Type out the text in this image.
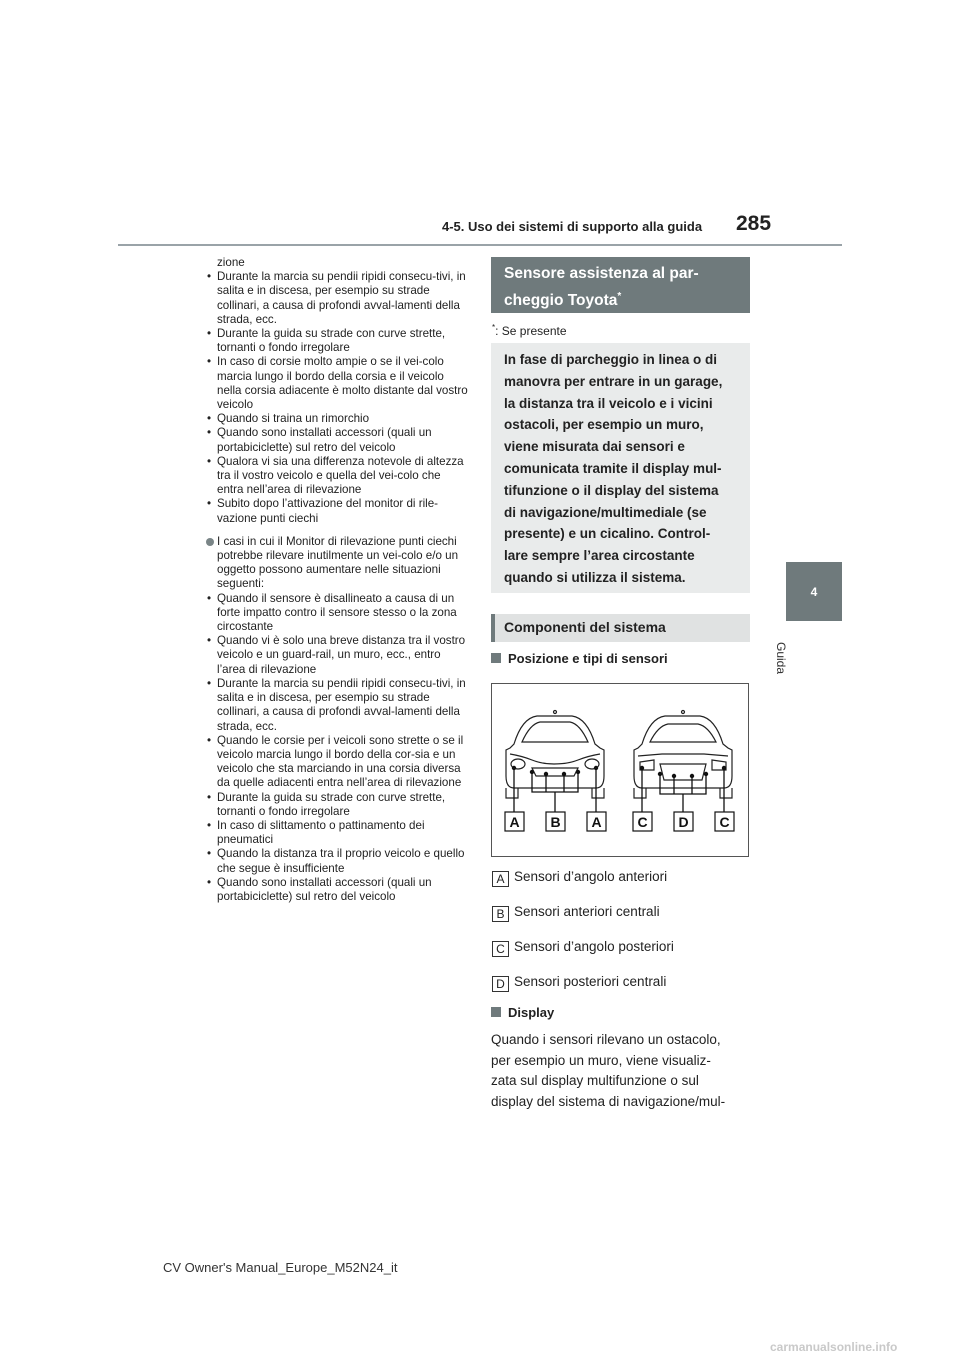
4-5. Uso dei sistemi di supporto alla guida 285
4
Guida
zione
• Durante la marcia su pendii ripidi consecu-tivi, in salita e in discesa, per esempio su strade collinari, a causa di profondi avval-lamenti della strada, ecc.
• Durante la guida su strade con curve strette, tornanti o fondo irregolare
• In caso di corsie molto ampie o se il vei-colo marcia lungo il bordo della corsia e il veicolo nella corsia adiacente è molto distante dal vostro veicolo
• Quando si traina un rimorchio
• Quando sono installati accessori (quali un portabiciclette) sul retro del veicolo
• Qualora vi sia una differenza notevole di altezza tra il vostro veicolo e quella del vei-colo che entra nell’area di rilevazione
• Subito dopo l’attivazione del monitor di rile-vazione punti ciechi
I casi in cui il Monitor di rilevazione punti ciechi potrebbe rilevare inutilmente un vei-colo e/o un oggetto possono aumentare nelle situazioni seguenti:
• Quando il sensore è disallineato a causa di un forte impatto contro il sensore stesso o la zona circostante
• Quando vi è solo una breve distanza tra il vostro veicolo e un guard-rail, un muro, ecc., entro l’area di rilevazione
• Durante la marcia su pendii ripidi consecu-tivi, in salita e in discesa, per esempio su strade collinari, a causa di profondi avval-lamenti della strada, ecc.
• Quando le corsie per i veicoli sono strette o se il veicolo marcia lungo il bordo della cor-sia e un veicolo che sta marciando in una corsia diversa da quelle adiacenti entra nell’area di rilevazione
• Durante la guida su strade con curve strette, tornanti o fondo irregolare
• In caso di slittamento o pattinamento dei pneumatici
• Quando la distanza tra il proprio veicolo e quello che segue è insufficiente
• Quando sono installati accessori (quali un portabiciclette) sul retro del veicolo
Sensore assistenza al par-
cheggio Toyota*
*: Se presente
In fase di parcheggio in linea o di
manovra per entrare in un garage,
la distanza tra il veicolo e i vicini
ostacoli, per esempio un muro,
viene misurata dai sensori e
comunicata tramite il display mul-
tifunzione o il display del sistema
di navigazione/multimediale (se
presente) e un cicalino. Control-
lare sempre l’area circostante
quando si utilizza il sistema.
Componenti del sistema
Posizione e tipi di sensori
A B A	C D C
A Sensori d’angolo anteriori
B Sensori anteriori centrali
C Sensori d’angolo posteriori
D Sensori posteriori centrali
Display
Quando i sensori rilevano un ostacolo,
per esempio un muro, viene visualiz-
zata sul display multifunzione o sul
display del sistema di navigazione/mul-
CV Owner's Manual_Europe_M52N24_it
carmanualsonline.info
